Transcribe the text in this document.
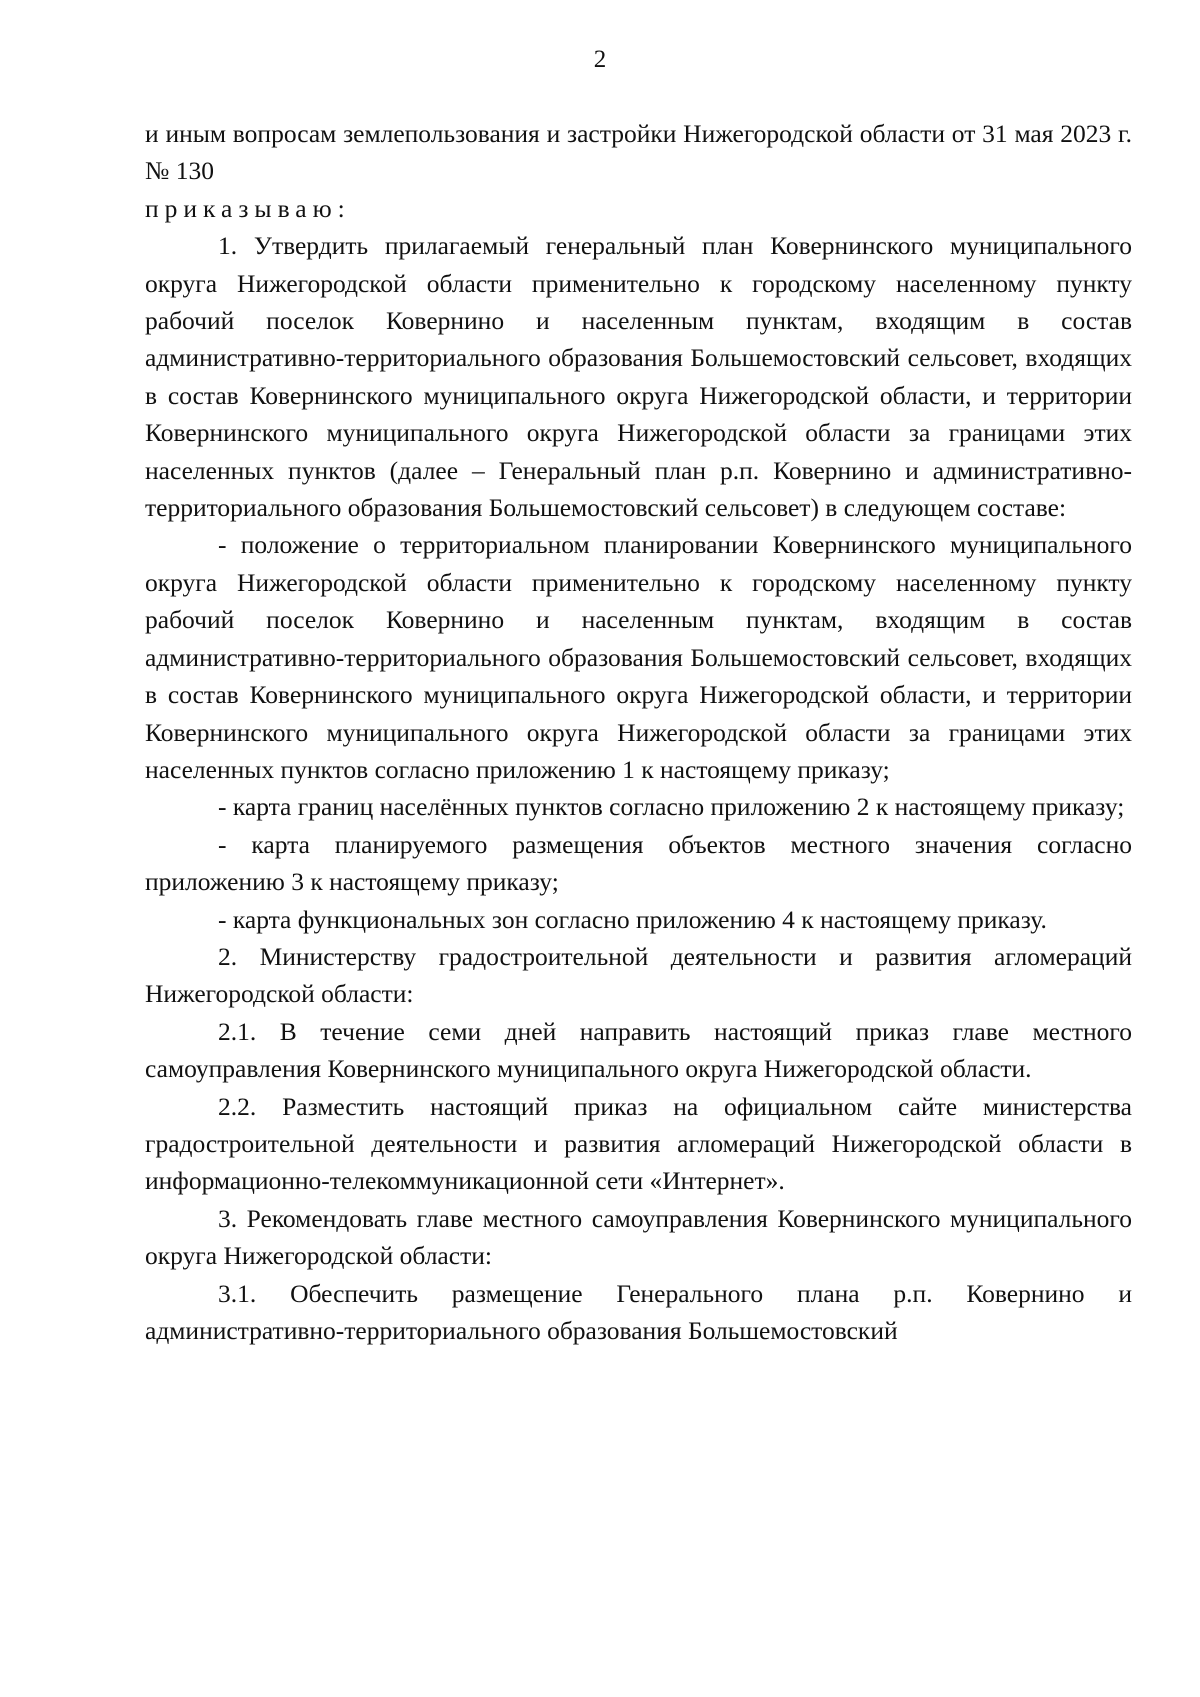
2

и иным вопросам землепользования и застройки Нижегородской области от 31 мая 2023 г. № 130

приказываю:

1. Утвердить прилагаемый генеральный план Ковернинского муниципального округа Нижегородской области применительно к городскому населенному пункту рабочий поселок Ковернино и населенным пунктам, входящим в состав административно-территориального образования Большемостовский сельсовет, входящих в состав Ковернинского муниципального округа Нижегородской области, и территории Ковернинского муниципального округа Нижегородской области за границами этих населенных пунктов (далее – Генеральный план р.п. Ковернино и административно-территориального образования Большемостовский сельсовет) в следующем составе:

- положение о территориальном планировании Ковернинского муниципального округа Нижегородской области применительно к городскому населенному пункту рабочий поселок Ковернино и населенным пунктам, входящим в состав административно-территориального образования Большемостовский сельсовет, входящих в состав Ковернинского муниципального округа Нижегородской области, и территории Ковернинского муниципального округа Нижегородской области за границами этих населенных пунктов согласно приложению 1 к настоящему приказу;

- карта границ населённых пунктов согласно приложению 2 к настоящему приказу;

- карта планируемого размещения объектов местного значения согласно приложению 3 к настоящему приказу;

- карта функциональных зон согласно приложению 4 к настоящему приказу.

2. Министерству градостроительной деятельности и развития агломераций Нижегородской области:

2.1. В течение семи дней направить настоящий приказ главе местного самоуправления Ковернинского муниципального округа Нижегородской области.

2.2. Разместить настоящий приказ на официальном сайте министерства градостроительной деятельности и развития агломераций Нижегородской области в информационно-телекоммуникационной сети «Интернет».

3. Рекомендовать главе местного самоуправления Ковернинского муниципального округа Нижегородской области:

3.1. Обеспечить размещение Генерального плана р.п. Ковернино и административно-территориального образования Большемостовский
